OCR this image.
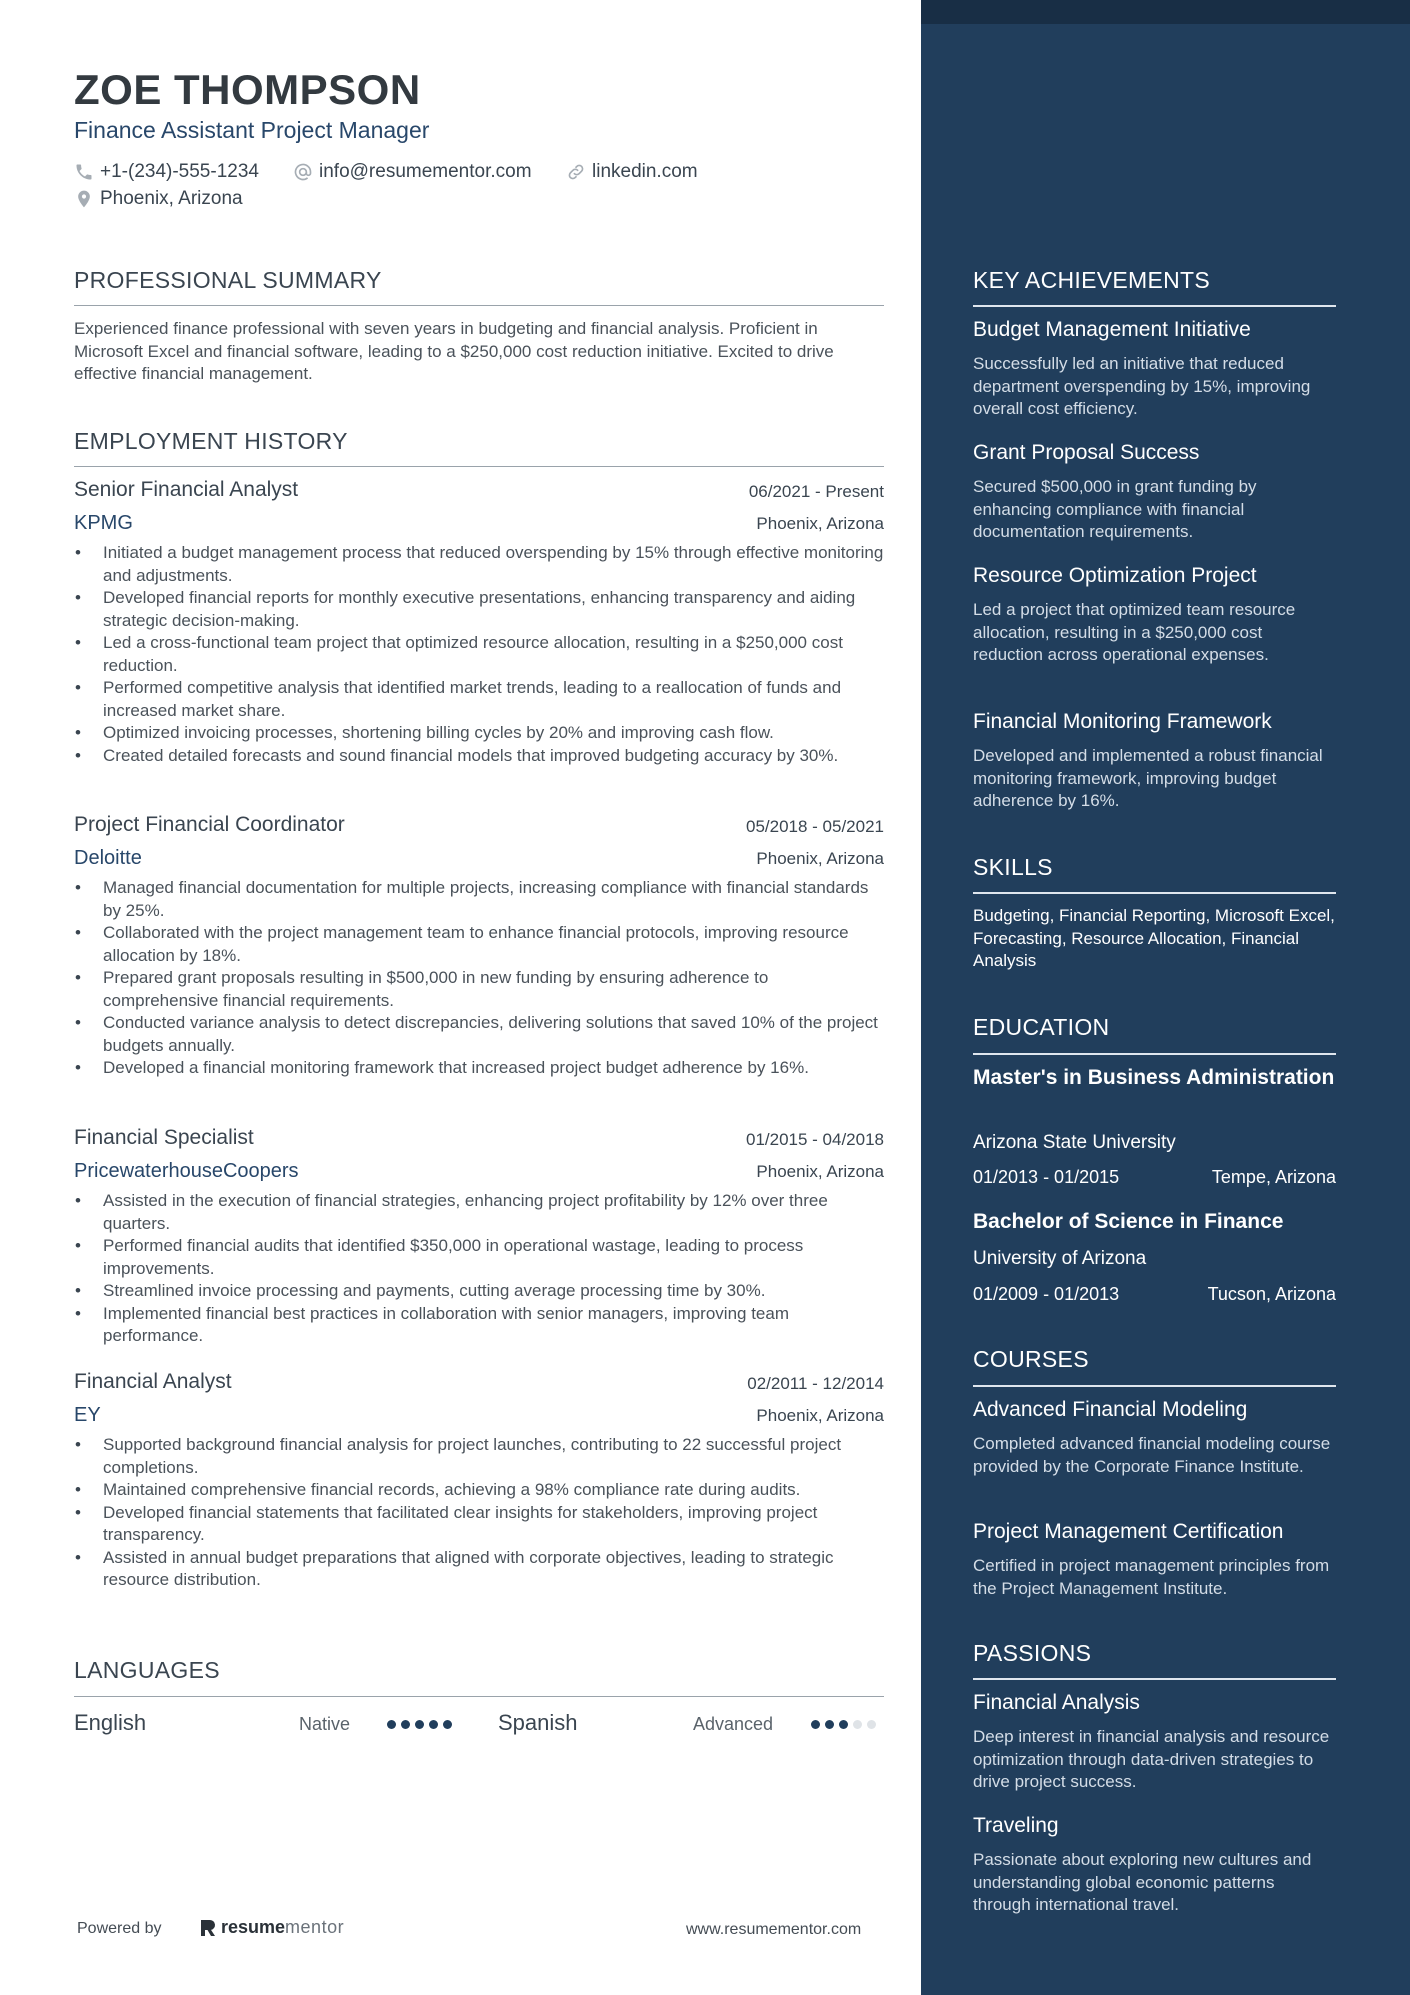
ZOE THOMPSON
Finance Assistant Project Manager
+1-(234)-555-1234	info@resumementor.com	linkedin.com
Phoenix, Arizona
PROFESSIONAL SUMMARY

Experienced finance professional with seven years in budgeting and financial analysis. Proficient in Microsoft Excel and financial software, leading to a $250,000 cost reduction initiative. Excited to drive effective financial management.

EMPLOYMENT HISTORY
Senior Financial Analyst	06/2021 - Present
KPMG	Phoenix, Arizona
• Initiated a budget management process that reduced overspending by 15% through effective monitoring and adjustments.
• Developed financial reports for monthly executive presentations, enhancing transparency and aiding strategic decision-making.
• Led a cross-functional team project that optimized resource allocation, resulting in a $250,000 cost reduction.
• Performed competitive analysis that identified market trends, leading to a reallocation of funds and increased market share.
• Optimized invoicing processes, shortening billing cycles by 20% and improving cash flow.
• Created detailed forecasts and sound financial models that improved budgeting accuracy by 30%.
Project Financial Coordinator	05/2018 - 05/2021
Deloitte	Phoenix, Arizona
• Managed financial documentation for multiple projects, increasing compliance with financial standards by 25%.
• Collaborated with the project management team to enhance financial protocols, improving resource allocation by 18%.
• Prepared grant proposals resulting in $500,000 in new funding by ensuring adherence to comprehensive financial requirements.
• Conducted variance analysis to detect discrepancies, delivering solutions that saved 10% of the project budgets annually.
• Developed a financial monitoring framework that increased project budget adherence by 16%.
Financial Specialist	01/2015 - 04/2018
PricewaterhouseCoopers	Phoenix, Arizona
• Assisted in the execution of financial strategies, enhancing project profitability by 12% over three quarters.
• Performed financial audits that identified $350,000 in operational wastage, leading to process improvements.
• Streamlined invoice processing and payments, cutting average processing time by 30%.
• Implemented financial best practices in collaboration with senior managers, improving team performance.
Financial Analyst	02/2011 - 12/2014
EY	Phoenix, Arizona
• Supported background financial analysis for project launches, contributing to 22 successful project completions.
• Maintained comprehensive financial records, achieving a 98% compliance rate during audits.
• Developed financial statements that facilitated clear insights for stakeholders, improving project transparency.
• Assisted in annual budget preparations that aligned with corporate objectives, leading to strategic resource distribution.
LANGUAGES
English	Native	Spanish	Advanced
Powered by	resume mentor	www.resumementor.com
KEY ACHIEVEMENTS
Budget Management Initiative

Successfully led an initiative that reduced department overspending by 15%, improving overall cost efficiency.

Grant Proposal Success

Secured $500,000 in grant funding by enhancing compliance with financial documentation requirements.

Resource Optimization Project

Led a project that optimized team resource allocation, resulting in a $250,000 cost reduction across operational expenses.

Financial Monitoring Framework

Developed and implemented a robust financial monitoring framework, improving budget adherence by 16%.

SKILLS

Budgeting, Financial Reporting, Microsoft Excel, Forecasting, Resource Allocation, Financial Analysis

EDUCATION

Master's in Business Administration

Arizona State University
01/2013 - 01/2015	Tempe, Arizona

Bachelor of Science in Finance

University of Arizona
01/2009 - 01/2013	Tucson, Arizona
COURSES
Advanced Financial Modeling

Completed advanced financial modeling course provided by the Corporate Finance Institute.

Project Management Certification

Certified in project management principles from the Project Management Institute.

PASSIONS
Financial Analysis

Deep interest in financial analysis and resource optimization through data-driven strategies to drive project success.

Traveling

Passionate about exploring new cultures and understanding global economic patterns through international travel.
